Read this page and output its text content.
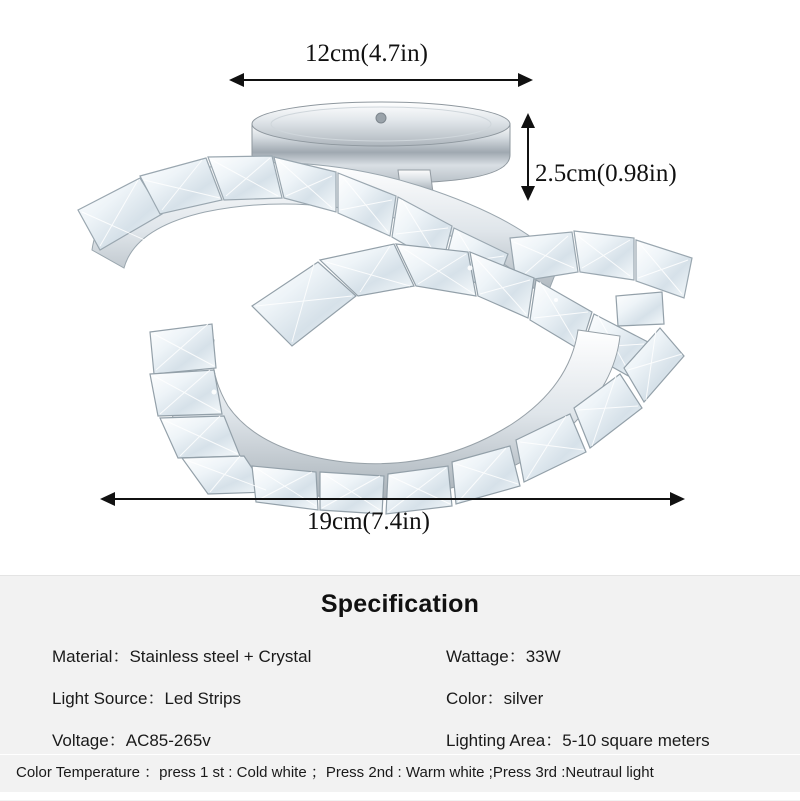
12cm(4.7in)
2.5cm(0.98in)
19cm(7.4in)
Specification
Material：Stainless steel + Crystal	Wattage：33W
Light Source：Led Strips	Color：silver
Voltage：AC85-265v	Lighting Area：5-10 square meters
Color Temperature ：press 1 st : Cold white ；Press 2nd : Warm white ;Press 3rd :Neutraul light
